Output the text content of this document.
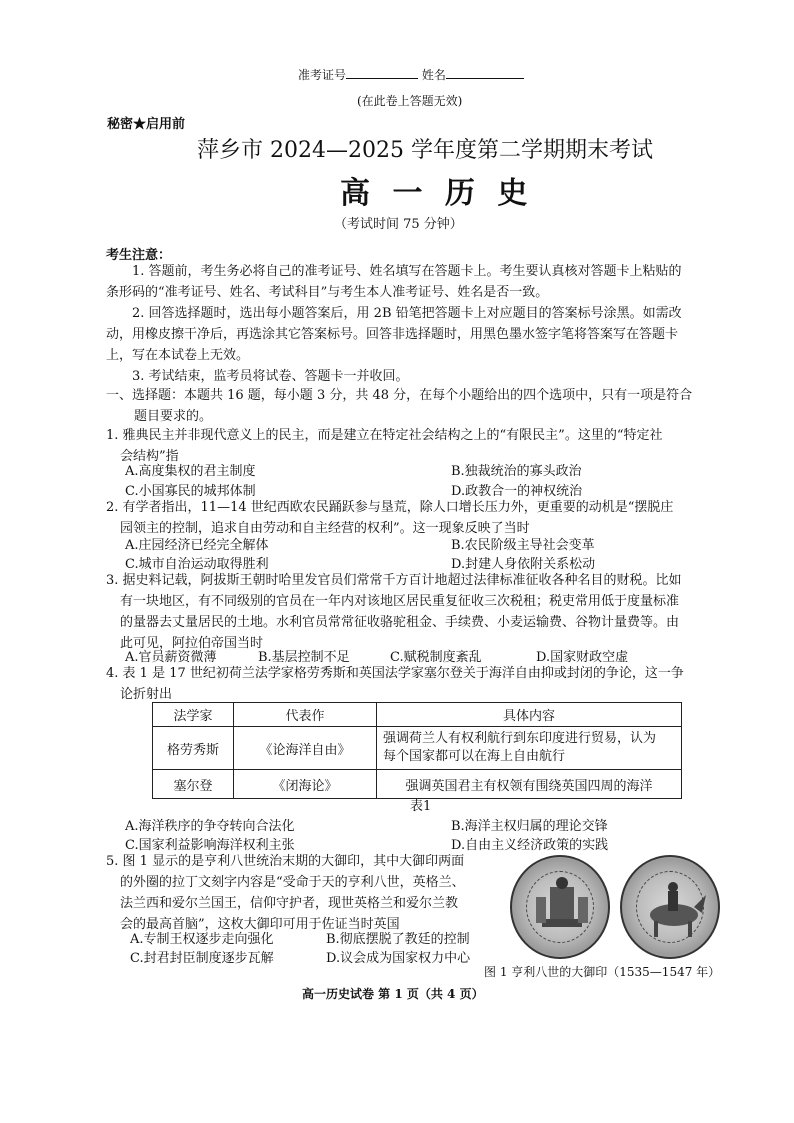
准考证号	姓名
(在此卷上答题无效)
秘密★启用前
萍乡市 2024—2025 学年度第二学期期末考试
高 一 历 史
（考试时间 75 分钟）
考生注意：
1. 答题前，考生务必将自己的准考证号、姓名填写在答题卡上。考生要认真核对答题卡上粘贴的
条形码的“准考证号、姓名、考试科目”与考生本人准考证号、姓名是否一致。
2. 回答选择题时，选出每小题答案后，用 2B 铅笔把答题卡上对应题目的答案标号涂黑。如需改
动，用橡皮擦干净后，再选涂其它答案标号。回答非选择题时，用黑色墨水签字笔将答案写在答题卡
上，写在本试卷上无效。
3. 考试结束，监考员将试卷、答题卡一并收回。
一、选择题：本题共 16 题，每小题 3 分，共 48 分，在每个小题给出的四个选项中，只有一项是符合
题目要求的。
1. 雅典民主并非现代意义上的民主，而是建立在特定社会结构之上的“有限民主”。这里的“特定社
会结构”指
A.高度集权的君主制度	B.独裁统治的寡头政治
C.小国寡民的城邦体制	D.政教合一的神权统治
2. 有学者指出，11—14 世纪西欧农民踊跃参与垦荒，除人口增长压力外，更重要的动机是“摆脱庄
园领主的控制，追求自由劳动和自主经营的权利”。这一现象反映了当时
A.庄园经济已经完全解体	B.农民阶级主导社会变革
C.城市自治运动取得胜利	D.封建人身依附关系松动
3. 据史料记载，阿拔斯王朝时哈里发官员们常常千方百计地超过法律标准征收各种名目的财税。比如
有一块地区，有不同级别的官员在一年内对该地区居民重复征收三次税租；税吏常用低于度量标准
的量器去丈量居民的土地。水利官员常常征收骆驼租金、手续费、小麦运输费、谷物计量费等。由
此可见，阿拉伯帝国当时
A.官员薪资微薄	B.基层控制不足	C.赋税制度紊乱	D.国家财政空虚
4. 表 1 是 17 世纪初荷兰法学家格劳秀斯和英国法学家塞尔登关于海洋自由抑或封闭的争论，这一争
论折射出
法学家	代表作	具体内容
格劳秀斯	《论海洋自由》	强调荷兰人有权利航行到东印度进行贸易，认为
每个国家都可以在海上自由航行

塞尔登	《闭海论》	强调英国君主有权领有围绕英国四周的海洋
表1
A.海洋秩序的争夺转向合法化	B.海洋主权归属的理论交锋
C.国家利益影响海洋权利主张	D.自由主义经济政策的实践
5. 图 1 显示的是亨利八世统治末期的大御印，其中大御印两面
的外圈的拉丁文刻字内容是“受命于天的亨利八世，英格兰、
法兰西和爱尔兰国王，信仰守护者，现世英格兰和爱尔兰教
会的最高首脑”，这枚大御印可用于佐证当时英国
A.专制王权逐步走向强化	B.彻底摆脱了教廷的控制
C.封君封臣制度逐步瓦解	D.议会成为国家权力中心
图 1 亨利八世的大御印（1535—1547 年）
高一历史试卷 第 1 页（共 4 页）
